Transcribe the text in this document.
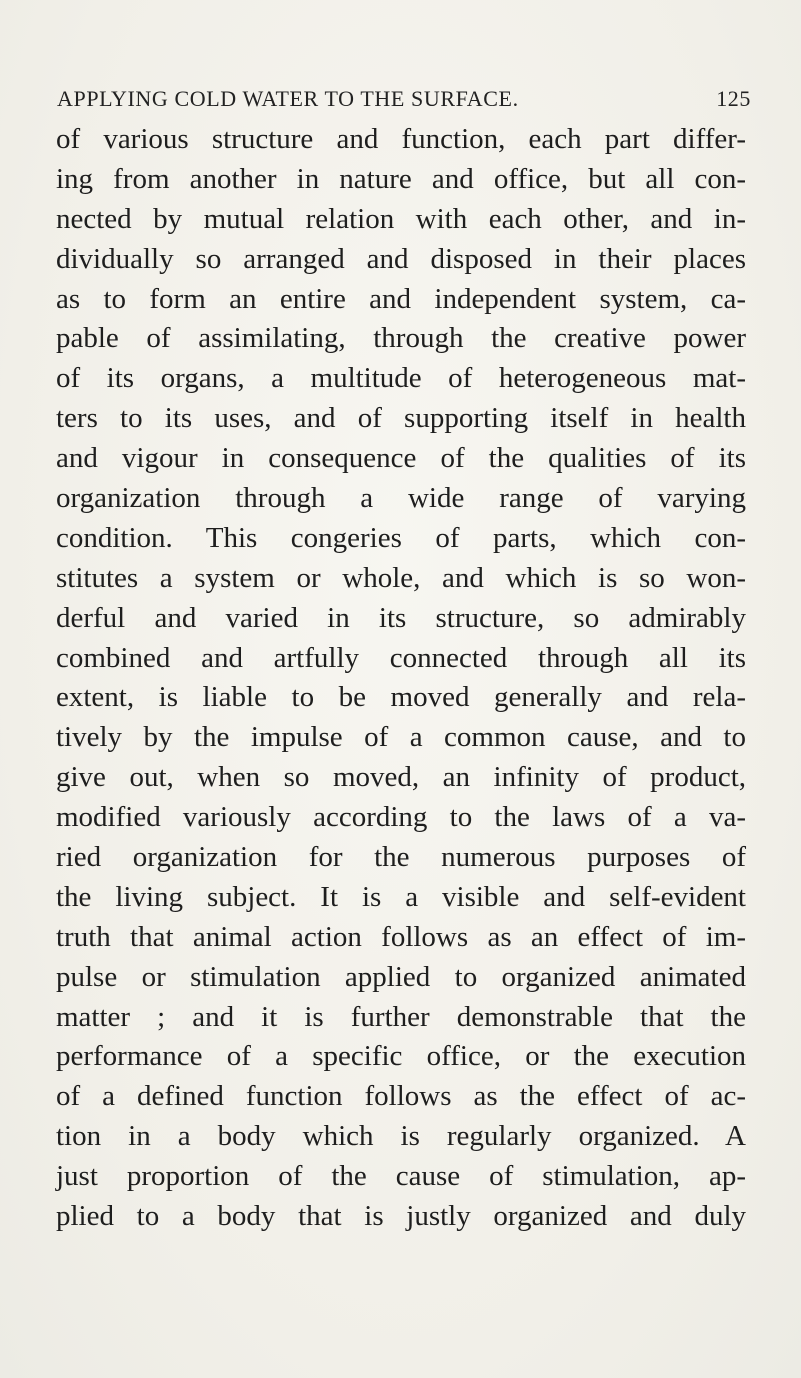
APPLYING COLD WATER TO THE SURFACE.	125
of various structure and function, each part differ-
ing from another in nature and office, but all con-
nected by mutual relation with each other, and in-
dividually so arranged and disposed in their places
as to form an entire and independent system, ca-
pable of assimilating, through the creative power
of its organs, a multitude of heterogeneous mat-
ters to its uses, and of supporting itself in health
and vigour in consequence of the qualities of its
organization through a wide range of varying
condition. This congeries of parts, which con-
stitutes a system or whole, and which is so won-
derful and varied in its structure, so admirably
combined and artfully connected through all its
extent, is liable to be moved generally and rela-
tively by the impulse of a common cause, and to
give out, when so moved, an infinity of product,
modified variously according to the laws of a va-
ried organization for the numerous purposes of
the living subject. It is a visible and self-evident
truth that animal action follows as an effect of im-
pulse or stimulation applied to organized animated
matter ; and it is further demonstrable that the
performance of a specific office, or the execution
of a defined function follows as the effect of ac-
tion in a body which is regularly organized. A
just proportion of the cause of stimulation, ap-
plied to a body that is justly organized and duly
